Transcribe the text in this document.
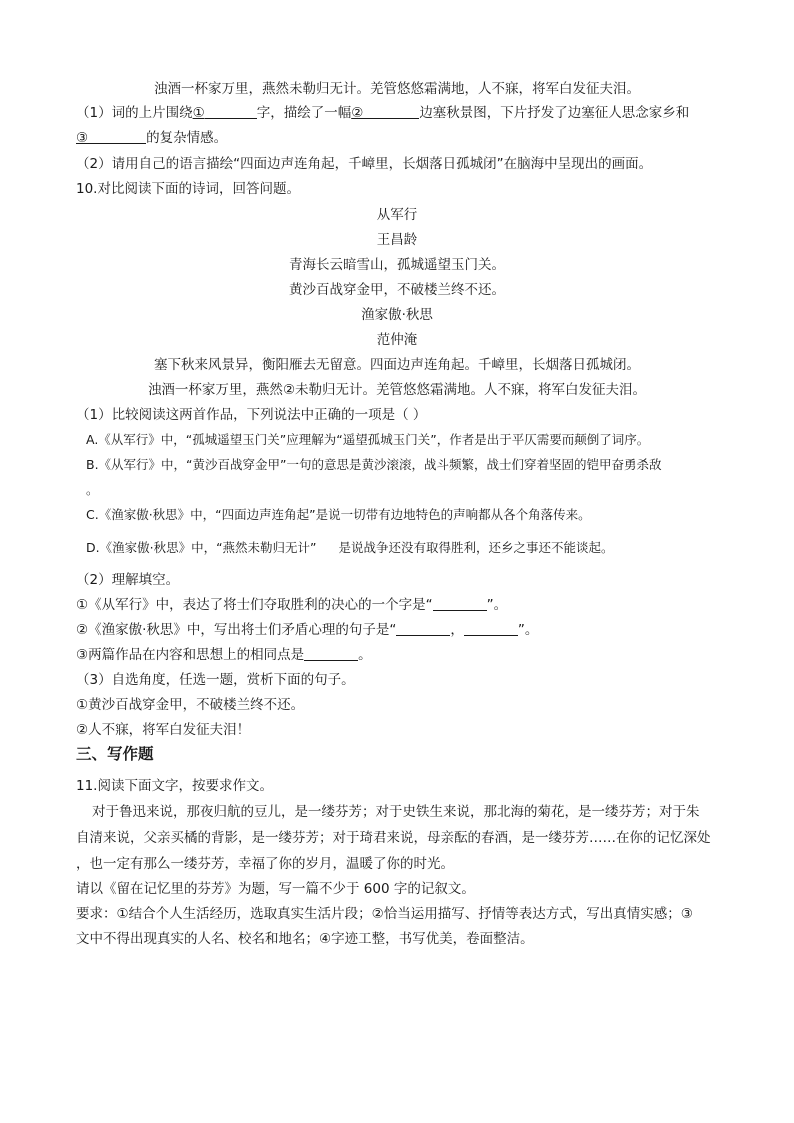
浊酒一杯家万里，燕然未勒归无计。羌管悠悠霜满地，人不寐，将军白发征夫泪。
（1）词的上片围绕①	字，描绘了一幅②	边塞秋景图，下片抒发了边塞征人思念家乡和
③	的复杂情感。
（2）请用自己的语言描绘“四面边声连角起，千嶂里，长烟落日孤城闭”在脑海中呈现出的画面。
10.对比阅读下面的诗词，回答问题。
从军行
王昌龄
青海长云暗雪山，孤城遥望玉门关。
黄沙百战穿金甲，不破楼兰终不还。
渔家傲·秋思
范仲淹
塞下秋来风景异，衡阳雁去无留意。四面边声连角起。千嶂里，长烟落日孤城闭。
浊酒一杯家万里，燕然②未勒归无计。羌管悠悠霜满地。人不寐，将军白发征夫泪。
（1）比较阅读这两首作品，下列说法中正确的一项是（ ）
A.《从军行》中，“孤城遥望玉门关”应理解为“遥望孤城玉门关”，作者是出于平仄需要而颠倒了词序。
B.《从军行》中，“黄沙百战穿金甲”一句的意思是黄沙滚滚，战斗频繁，战士们穿着坚固的铠甲奋勇杀敌
。
C.《渔家傲·秋思》中，“四面边声连角起”是说一切带有边地特色的声响都从各个角落传来。
D.《渔家傲·秋思》中，“燕然未勒归无计” 是说战争还没有取得胜利，还乡之事还不能谈起。
（2）理解填空。
①《从军行》中，表达了将士们夺取胜利的决心的一个字是“	”。
②《渔家傲·秋思》中，写出将士们矛盾心理的句子是“	，	”。
③两篇作品在内容和思想上的相同点是	。
（3）自选角度，任选一题，赏析下面的句子。
①黄沙百战穿金甲，不破楼兰终不还。
②人不寐，将军白发征夫泪！
三、写作题
11.阅读下面文字，按要求作文。
对于鲁迅来说，那夜归航的豆儿，是一缕芬芳；对于史铁生来说，那北海的菊花，是一缕芬芳；对于朱
自清来说，父亲买橘的背影，是一缕芬芳；对于琦君来说，母亲酝的春酒，是一缕芬芳……在你的记忆深处
，也一定有那么一缕芬芳，幸福了你的岁月，温暖了你的时光。
请以《留在记忆里的芬芳》为题，写一篇不少于 600 字的记叙文。
要求：①结合个人生活经历，选取真实生活片段；②恰当运用描写、抒情等表达方式，写出真情实感；③
文中不得出现真实的人名、校名和地名；④字迹工整，书写优美，卷面整洁。
